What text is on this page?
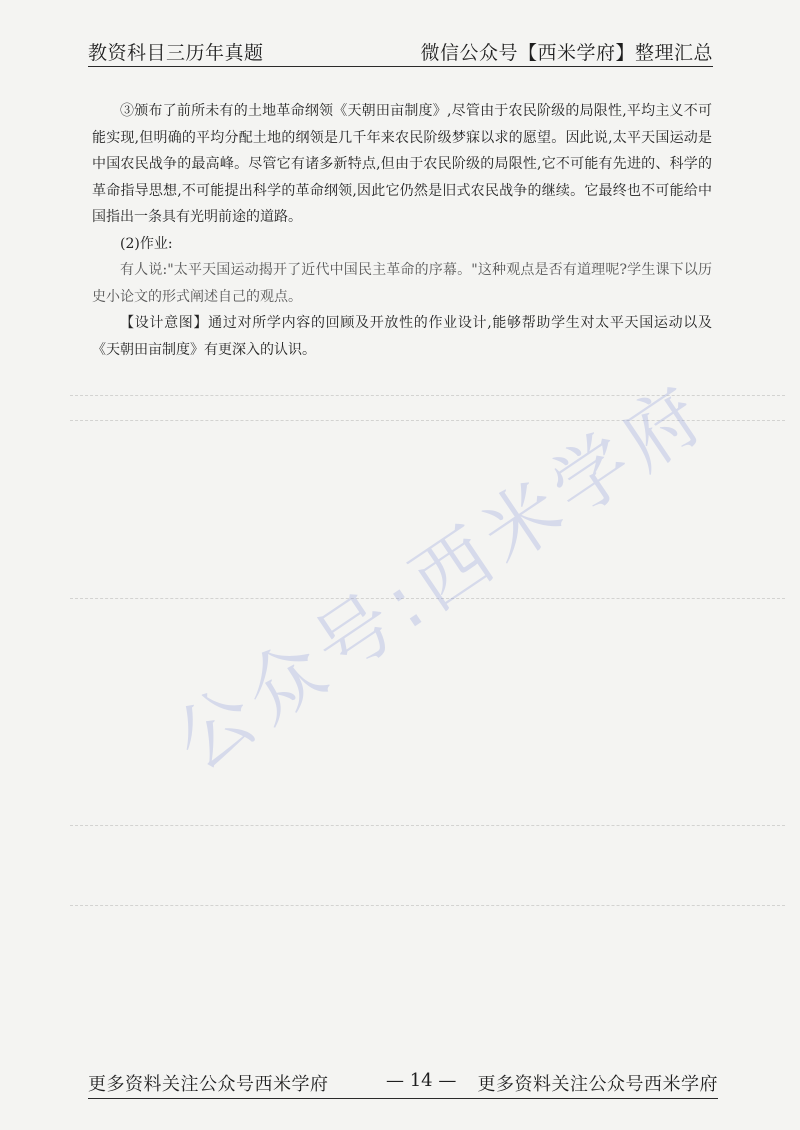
教资科目三历年真题	微信公众号【西米学府】整理汇总

③颁布了前所未有的土地革命纲领《天朝田亩制度》,尽管由于农民阶级的局限性,平均主义不可能实现,但明确的平均分配土地的纲领是几千年来农民阶级梦寐以求的愿望。因此说,太平天国运动是中国农民战争的最高峰。尽管它有诸多新特点,但由于农民阶级的局限性,它不可能有先进的、科学的革命指导思想,不可能提出科学的革命纲领,因此它仍然是旧式农民战争的继续。它最终也不可能给中国指出一条具有光明前途的道路。

(2)作业:

有人说:"太平天国运动揭开了近代中国民主革命的序幕。"这种观点是否有道理呢?学生课下以历史小论文的形式阐述自己的观点。

【设计意图】通过对所学内容的回顾及开放性的作业设计,能够帮助学生对太平天国运动以及《天朝田亩制度》有更深入的认识。

公众号:西米学府
更多资料关注公众号西米学府	— 14 — 更多资料关注公众号西米学府
